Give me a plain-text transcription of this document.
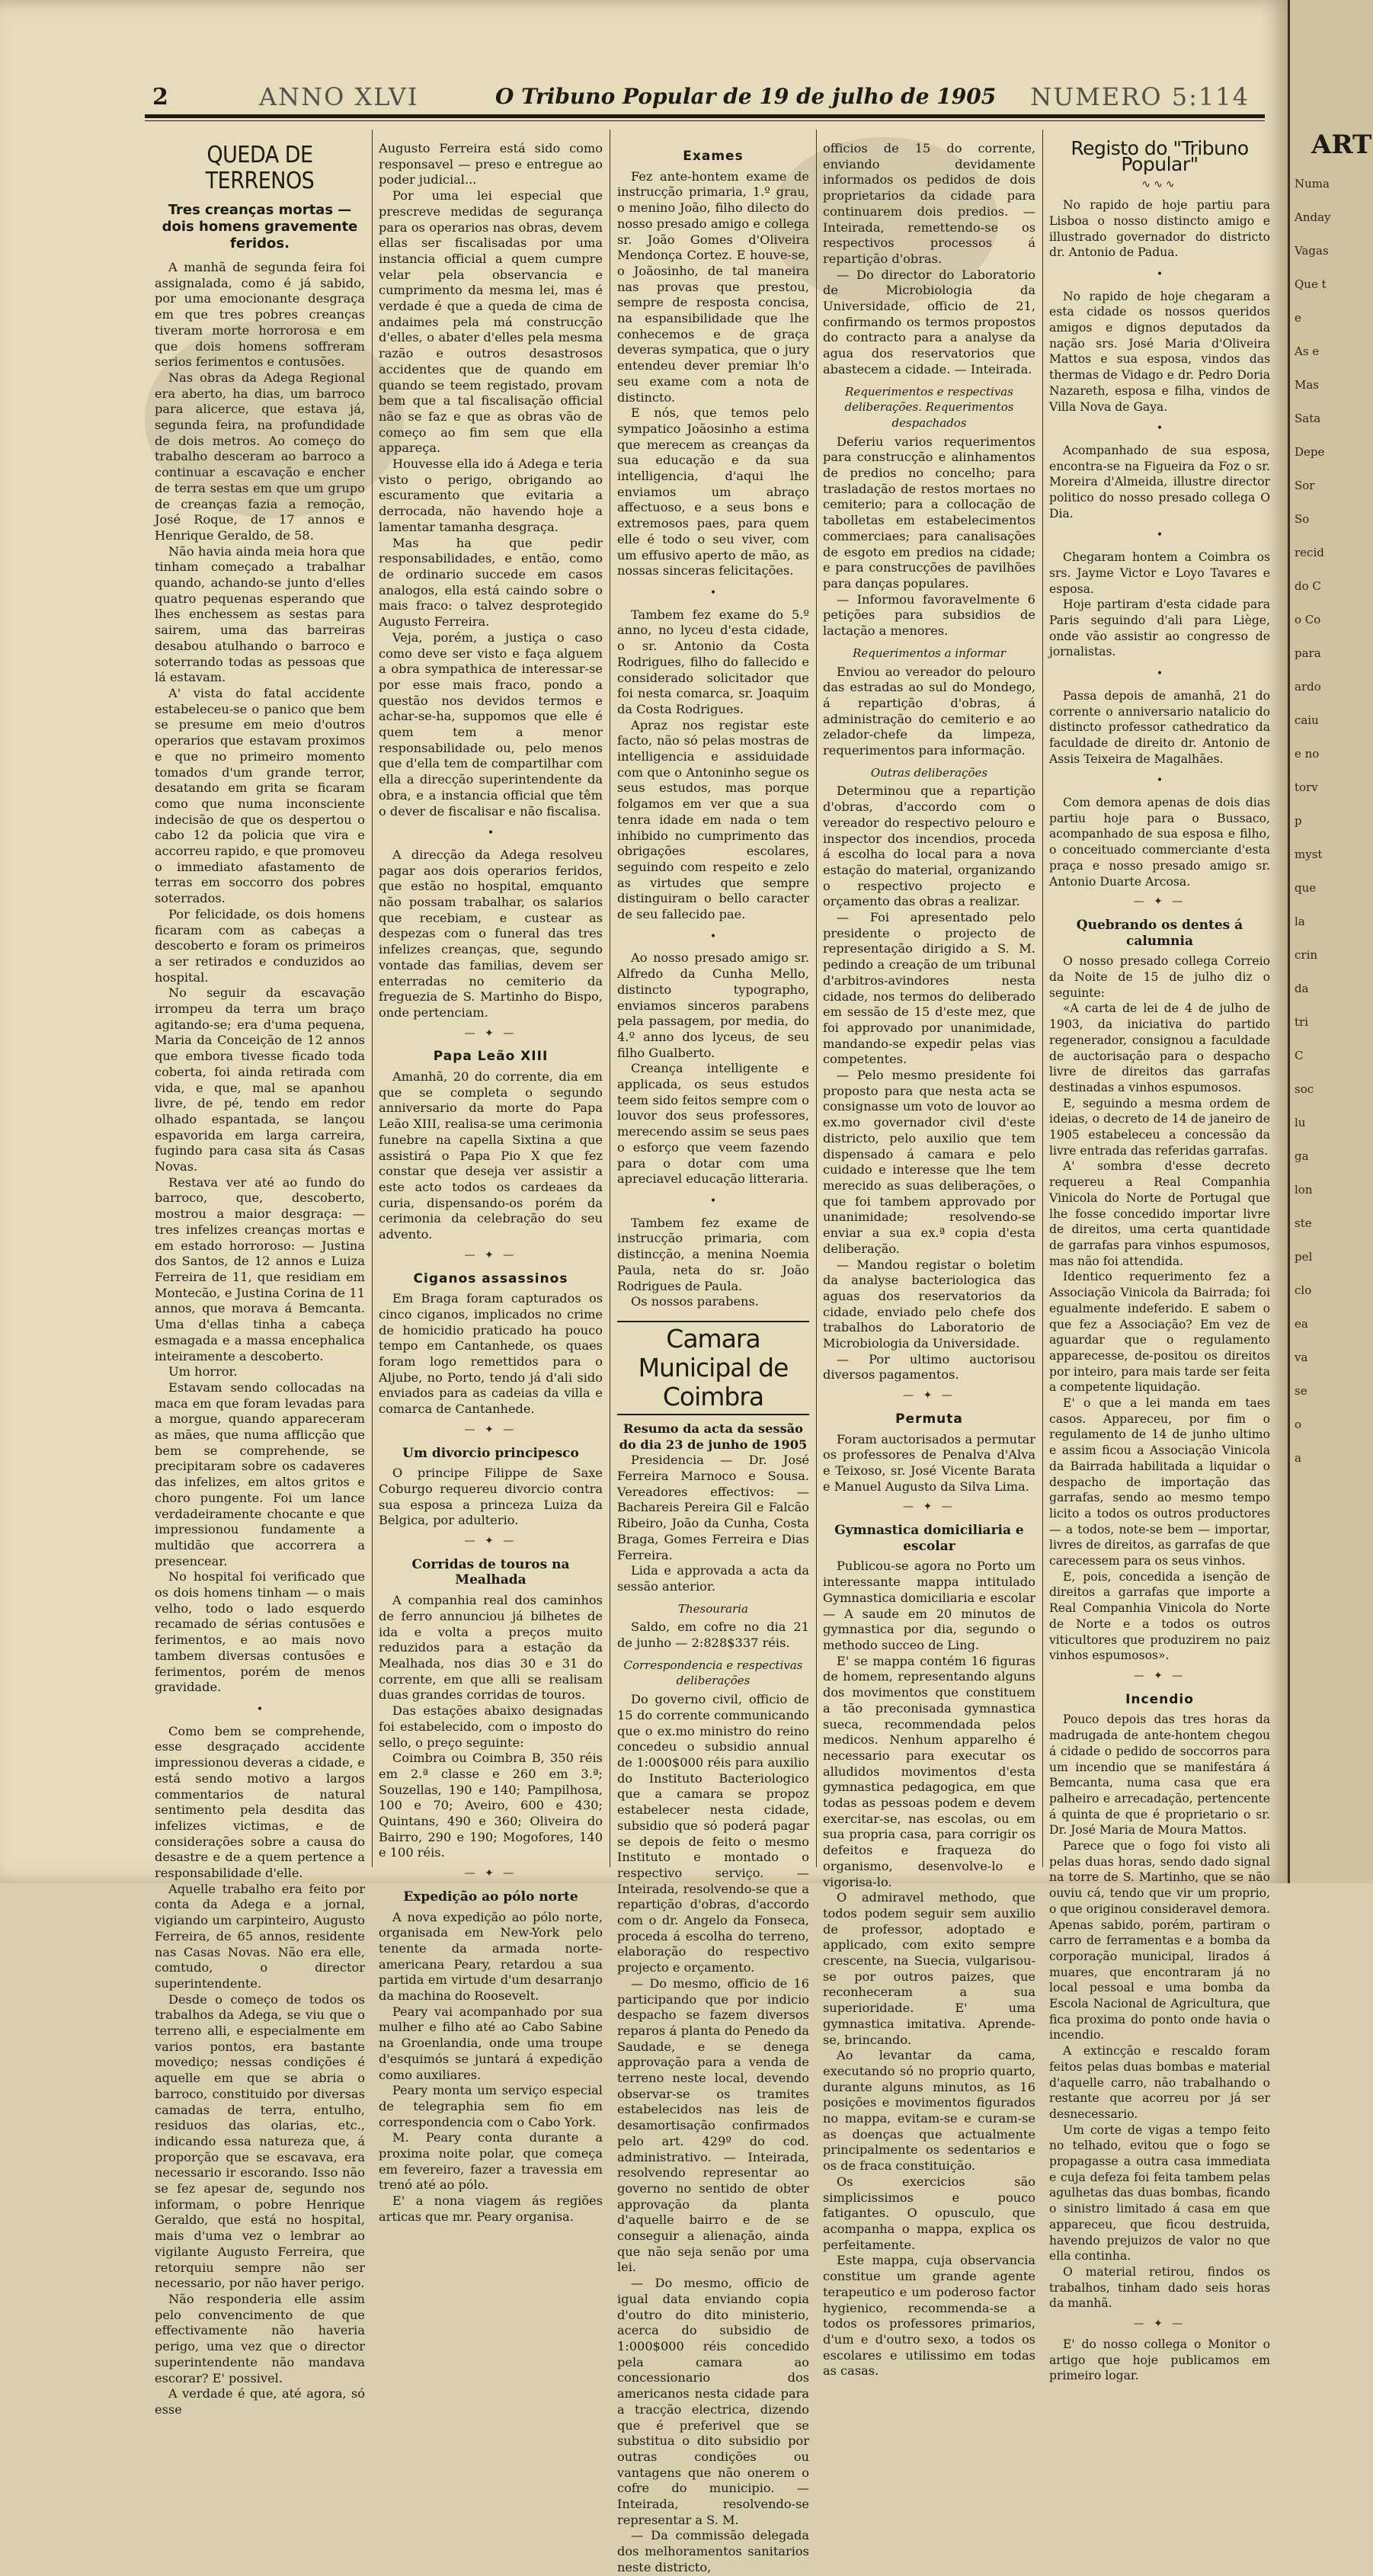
2	ANNO XLVI	O Tribuno Popular de 19 de julho de 1905 NUMERO 5:114
QUEDA DE TERRENOS
Tres creanças mortas — dois homens gravemente feridos.

A manhã de segunda feira foi assignalada, como é já sabido, por uma emocionante desgraça em que tres pobres creanças tiveram morte horrorosa e em que dois homens soffreram serios ferimentos e contusões.

Nas obras da Adega Regional era aberto, ha dias, um barroco para alicerce, que estava já, segunda feira, na profundidade de dois metros. Ao começo do trabalho desceram ao barroco a continuar a escavação e encher de terra sestas em que um grupo de creanças fazia a remoção, José Roque, de 17 annos e Henrique Geraldo, de 58.

Não havia ainda meia hora que tinham começado a trabalhar quando, achando-se junto d'elles quatro pequenas esperando que lhes enchessem as sestas para sairem, uma das barreiras desabou atulhando o barroco e soterrando todas as pessoas que lá estavam.

A' vista do fatal accidente estabeleceu-se o panico que bem se presume em meio d'outros operarios que estavam proximos e que no primeiro momento tomados d'um grande terror, desatando em grita se ficaram como que numa inconsciente indecisão de que os despertou o cabo 12 da policia que vira e accorreu rapido, e que promoveu o immediato afastamento de terras em soccorro dos pobres soterrados.

Por felicidade, os dois homens ficaram com as cabeças a descoberto e foram os primeiros a ser retirados e conduzidos ao hospital.

No seguir da escavação irrompeu da terra um braço agitando-se; era d'uma pequena, Maria da Conceição de 12 annos que embora tivesse ficado toda coberta, foi ainda retirada com vida, e que, mal se apanhou livre, de pé, tendo em redor olhado espantada, se lançou espavorida em larga carreira, fugindo para casa sita ás Casas Novas.

Restava ver até ao fundo do barroco, que, descoberto, mostrou a maior desgraça: — tres infelizes creanças mortas e em estado horroroso: — Justina dos Santos, de 12 annos e Luiza Ferreira de 11, que residiam em Montecão, e Justina Corina de 11 annos, que morava á Bemcanta. Uma d'ellas tinha a cabeça esmagada e a massa encephalica inteiramente a descoberto.

Um horror.

Estavam sendo collocadas na maca em que foram levadas para a morgue, quando appareceram as mães, que numa afflicção que bem se comprehende, se precipitaram sobre os cadaveres das infelizes, em altos gritos e choro pungente. Foi um lance verdadeiramente chocante e que impressionou fundamente a multidão que accorrera a presencear.

No hospital foi verificado que os dois homens tinham — o mais velho, todo o lado esquerdo recamado de sérias contusões e ferimentos, e ao mais novo tambem diversas contusões e ferimentos, porém de menos gravidade.

•

Como bem se comprehende, esse desgraçado accidente impressionou deveras a cidade, e está sendo motivo a largos commentarios de natural sentimento pela desdita das infelizes victimas, e de considerações sobre a causa do desastre e de a quem pertence a responsabilidade d'elle.

Aquelle trabalho era feito por conta da Adega e a jornal, vigiando um carpinteiro, Augusto Ferreira, de 65 annos, residente nas Casas Novas. Não era elle, comtudo, o director superintendente.

Desde o começo de todos os trabalhos da Adega, se viu que o terreno alli, e especialmente em varios pontos, era bastante movediço; nessas condições é aquelle em que se abria o barroco, constituido por diversas camadas de terra, entulho, residuos das olarias, etc., indicando essa natureza que, á proporção que se escavava, era necessario ir escorando. Isso não se fez apesar de, segundo nos informam, o pobre Henrique Geraldo, que está no hospital, mais d'uma vez o lembrar ao vigilante Augusto Ferreira, que retorquiu sempre não ser necessario, por não haver perigo.

Não responderia elle assim pelo convencimento de que effectivamente não haveria perigo, uma vez que o director superintendente não mandava escorar? E' possivel.

A verdade é que, até agora, só esse

Augusto Ferreira está sido como responsavel — preso e entregue ao poder judicial...

Por uma lei especial que prescreve medidas de segurança para os operarios nas obras, devem ellas ser fiscalisadas por uma instancia official a quem cumpre velar pela observancia e cumprimento da mesma lei, mas é verdade é que a queda de cima de andaimes pela má construcção d'elles, o abater d'elles pela mesma razão e outros desastrosos accidentes que de quando em quando se teem registado, provam bem que a tal fiscalisação official não se faz e que as obras vão de começo ao fim sem que ella appareça.

Houvesse ella ido á Adega e teria visto o perigo, obrigando ao escuramento que evitaria a derrocada, não havendo hoje a lamentar tamanha desgraça.

Mas ha que pedir responsabilidades, e então, como de ordinario succede em casos analogos, ella está caindo sobre o mais fraco: o talvez desprotegido Augusto Ferreira.

Veja, porém, a justiça o caso como deve ser visto e faça alguem a obra sympathica de interessar-se por esse mais fraco, pondo a questão nos devidos termos e achar-se-ha, suppomos que elle é quem tem a menor responsabilidade ou, pelo menos que d'ella tem de compartilhar com ella a direcção superintendente da obra, e a instancia official que têm o dever de fiscalisar e não fiscalisa.

•

A direcção da Adega resolveu pagar aos dois operarios feridos, que estão no hospital, emquanto não possam trabalhar, os salarios que recebiam, e custear as despezas com o funeral das tres infelizes creanças, que, segundo vontade das familias, devem ser enterradas no cemiterio da freguezia de S. Martinho do Bispo, onde pertenciam.

— ✦ —
Papa Leão XIII

Amanhã, 20 do corrente, dia em que se completa o segundo anniversario da morte do Papa Leão XIII, realisa-se uma cerimonia funebre na capella Sixtina a que assistirá o Papa Pio X que fez constar que deseja ver assistir a este acto todos os cardeaes da curia, dispensando-os porém da cerimonia da celebração do seu advento.

— ✦ —
Ciganos assassinos

Em Braga foram capturados os cinco ciganos, implicados no crime de homicidio praticado ha pouco tempo em Cantanhede, os quaes foram logo remettidos para o Aljube, no Porto, tendo já d'ali sido enviados para as cadeias da villa e comarca de Cantanhede.

— ✦ —
Um divorcio principesco

O principe Filippe de Saxe Coburgo requereu divorcio contra sua esposa a princeza Luiza da Belgica, por adulterio.

— ✦ —
Corridas de touros na Mealhada

A companhia real dos caminhos de ferro annunciou já bilhetes de ida e volta a preços muito reduzidos para a estação da Mealhada, nos dias 30 e 31 do corrente, em que alli se realisam duas grandes corridas de touros.

Das estações abaixo designadas foi estabelecido, com o imposto do sello, o preço seguinte:

Coimbra ou Coimbra B, 350 réis em 2.ª classe e 260 em 3.ª; Souzellas, 190 e 140; Pampilhosa, 100 e 70; Aveiro, 600 e 430; Quintans, 490 e 360; Oliveira do Bairro, 290 e 190; Mogofores, 140 e 100 réis.

— ✦ —
Expedição ao pólo norte

A nova expedição ao pólo norte, organisada em New-York pelo tenente da armada norte-americana Peary, retardou a sua partida em virtude d'um desarranjo da machina do Roosevelt.

Peary vai acompanhado por sua mulher e filho até ao Cabo Sabine na Groenlandia, onde uma troupe d'esquimós se juntará á expedição como auxiliares.

Peary monta um serviço especial de telegraphia sem fio em correspondencia com o Cabo York.

M. Peary conta durante a proxima noite polar, que começa em fevereiro, fazer a travessia em trenó até ao pólo.

E' a nona viagem ás regiões articas que mr. Peary organisa.

Exames

Fez ante-hontem exame de instrucção primaria, 1.º grau, o menino João, filho dilecto do nosso presado amigo e collega sr. João Gomes d'Oliveira Mendonça Cortez. E houve-se, o Joãosinho, de tal maneira nas provas que prestou, sempre de resposta concisa, na espansibilidade que lhe conhecemos e de graça deveras sympatica, que o jury entendeu dever premiar lh'o seu exame com a nota de distincto.

E nós, que temos pelo sympatico Joãosinho a estima que merecem as creanças da sua educação e da sua intelligencia, d'aqui lhe enviamos um abraço affectuoso, e a seus bons e extremosos paes, para quem elle é todo o seu viver, com um effusivo aperto de mão, as nossas sinceras felicitações.

•

Tambem fez exame do 5.º anno, no lyceu d'esta cidade, o sr. Antonio da Costa Rodrigues, filho do fallecido e considerado solicitador que foi nesta comarca, sr. Joaquim da Costa Rodrigues.

Apraz nos registar este facto, não só pelas mostras de intelligencia e assiduidade com que o Antoninho segue os seus estudos, mas porque folgamos em ver que a sua tenra idade em nada o tem inhibido no cumprimento das obrigações escolares, seguindo com respeito e zelo as virtudes que sempre distinguiram o bello caracter de seu fallecido pae.

•

Ao nosso presado amigo sr. Alfredo da Cunha Mello, distincto typographo, enviamos sinceros parabens pela passagem, por media, do 4.º anno dos lyceus, de seu filho Gualberto.

Creança intelligente e applicada, os seus estudos teem sido feitos sempre com o louvor dos seus professores, merecendo assim se seus paes o esforço que veem fazendo para o dotar com uma apreciavel educação litteraria.

•

Tambem fez exame de instrucção primaria, com distincção, a menina Noemia Paula, neta do sr. João Rodrigues de Paula.

Os nossos parabens.

Camara Municipal de Coimbra

Resumo da acta da sessão do dia 23 de junho de 1905

Presidencia — Dr. José Ferreira Marnoco e Sousa. Vereadores effectivos: — Bachareis Pereira Gil e Falcão Ribeiro, João da Cunha, Costa Braga, Gomes Ferreira e Dias Ferreira.

Lida e approvada a acta da sessão anterior.

Thesouraria

Saldo, em cofre no dia 21 de junho — 2:828$337 réis.

Correspondencia e respectivas deliberações

Do governo civil, officio de 15 do corrente communicando que o ex.mo ministro do reino concedeu o subsidio annual de 1:000$000 réis para auxilio do Instituto Bacteriologico que a camara se propoz estabelecer nesta cidade, subsidio que só poderá pagar se depois de feito o mesmo Instituto e montado o respectivo serviço. — Inteirada, resolvendo-se que a repartição d'obras, d'accordo com o dr. Angelo da Fonseca, proceda á escolha do terreno, elaboração do respectivo projecto e orçamento.

— Do mesmo, officio de 16 participando que por indicio despacho se fazem diversos reparos á planta do Penedo da Saudade, e se denega approvação para a venda de terreno neste local, devendo observar-se os tramites estabelecidos nas leis de desamortisação confirmados pelo art. 429º do cod. administrativo. — Inteirada, resolvendo representar ao governo no sentido de obter approvação da planta d'aquelle bairro e de se conseguir a alienação, ainda que não seja senão por uma lei.

— Do mesmo, officio de igual data enviando copia d'outro do dito ministerio, acerca do subsidio de 1:000$000 réis concedido pela camara ao concessionario dos americanos nesta cidade para a tracção electrica, dizendo que é preferivel que se substitua o dito subsidio por outras condições ou vantagens que não onerem o cofre do municipio. — Inteirada, resolvendo-se representar a S. M.

— Da commissão delegada dos melhoramentos sanitarios neste districto,

officios de 15 do corrente, enviando devidamente informados os pedidos de dois proprietarios da cidade para continuarem dois predios. — Inteirada, remettendo-se os respectivos processos á repartição d'obras.

— Do director do Laboratorio de Microbiologia da Universidade, officio de 21, confirmando os termos propostos do contracto para a analyse da agua dos reservatorios que abastecem a cidade. — Inteirada.

Requerimentos e respectivas deliberações. Requerimentos despachados

Deferiu varios requerimentos para construcção e alinhamentos de predios no concelho; para trasladação de restos mortaes no cemiterio; para a collocação de tabolletas em estabelecimentos commerciaes; para canalisações de esgoto em predios na cidade; e para construcções de pavilhões para danças populares.

— Informou favoravelmente 6 petições para subsidios de lactação a menores.

Requerimentos a informar

Enviou ao vereador do pelouro das estradas ao sul do Mondego, á repartição d'obras, á administração do cemiterio e ao zelador-chefe da limpeza, requerimentos para informação.

Outras deliberações

Determinou que a repartição d'obras, d'accordo com o vereador do respectivo pelouro e inspector dos incendios, proceda á escolha do local para a nova estação do material, organizando o respectivo projecto e orçamento das obras a realizar.

— Foi apresentado pelo presidente o projecto de representação dirigido a S. M. pedindo a creação de um tribunal d'arbitros-avindores nesta cidade, nos termos do deliberado em sessão de 15 d'este mez, que foi approvado por unanimidade, mandando-se expedir pelas vias competentes.

— Pelo mesmo presidente foi proposto para que nesta acta se consignasse um voto de louvor ao ex.mo governador civil d'este districto, pelo auxilio que tem dispensado á camara e pelo cuidado e interesse que lhe tem merecido as suas deliberações, o que foi tambem approvado por unanimidade; resolvendo-se enviar a sua ex.ª copia d'esta deliberação.

— Mandou registar o boletim da analyse bacteriologica das aguas dos reservatorios da cidade, enviado pelo chefe dos trabalhos do Laboratorio de Microbiologia da Universidade.

— Por ultimo auctorisou diversos pagamentos.

— ✦ —
Permuta

Foram auctorisados a permutar os professores de Penalva d'Alva e Teixoso, sr. José Vicente Barata e Manuel Augusto da Silva Lima.

— ✦ —
Gymnastica domiciliaria e escolar

Publicou-se agora no Porto um interessante mappa intitulado Gymnastica domiciliaria e escolar — A saude em 20 minutos de gymnastica por dia, segundo o methodo succeo de Ling.

E' se mappa contém 16 figuras de homem, representando alguns dos movimentos que constituem a tão preconisada gymnastica sueca, recommendada pelos medicos. Nenhum apparelho é necessario para executar os alludidos movimentos d'esta gymnastica pedagogica, em que todas as pessoas podem e devem exercitar-se, nas escolas, ou em sua propria casa, para corrigir os defeitos e fraqueza do organismo, desenvolve-lo e vigorisa-lo.

O admiravel methodo, que todos podem seguir sem auxilio de professor, adoptado e applicado, com exito sempre crescente, na Suecia, vulgarisou-se por outros paizes, que reconheceram a sua superioridade. E' uma gymnastica imitativa. Aprende-se, brincando.

Ao levantar da cama, executando só no proprio quarto, durante alguns minutos, as 16 posições e movimentos figurados no mappa, evitam-se e curam-se as doenças que actualmente principalmente os sedentarios e os de fraca constituição.

Os exercicios são simplicissimos e pouco fatigantes. O opusculo, que acompanha o mappa, explica os perfeitamente.

Este mappa, cuja observancia constitue um grande agente terapeutico e um poderoso factor hygienico, recommenda-se a todos os professores primarios, d'um e d'outro sexo, a todos os escolares e utilissimo em todas as casas.

Registo do "Tribuno Popular"
∿∿∿

No rapido de hoje partiu para Lisboa o nosso distincto amigo e illustrado governador do districto dr. Antonio de Padua.

•

No rapido de hoje chegaram a esta cidade os nossos queridos amigos e dignos deputados da nação srs. José Maria d'Oliveira Mattos e sua esposa, vindos das thermas de Vidago e dr. Pedro Doria Nazareth, esposa e filha, vindos de Villa Nova de Gaya.

•

Acompanhado de sua esposa, encontra-se na Figueira da Foz o sr. Moreira d'Almeida, illustre director politico do nosso presado collega O Dia.

•

Chegaram hontem a Coimbra os srs. Jayme Victor e Loyo Tavares e esposa.

Hoje partiram d'esta cidade para Paris seguindo d'ali para Liège, onde vão assistir ao congresso de jornalistas.

•

Passa depois de amanhã, 21 do corrente o anniversario natalicio do distincto professor cathedratico da faculdade de direito dr. Antonio de Assis Teixeira de Magalhães.

•

Com demora apenas de dois dias partiu hoje para o Bussaco, acompanhado de sua esposa e filho, o conceituado commerciante d'esta praça e nosso presado amigo sr. Antonio Duarte Arcosa.

— ✦ —
Quebrando os dentes á calumnia

O nosso presado collega Correio da Noite de 15 de julho diz o seguinte:

«A carta de lei de 4 de julho de 1903, da iniciativa do partido regenerador, consignou a faculdade de auctorisação para o despacho livre de direitos das garrafas destinadas a vinhos espumosos.

E, seguindo a mesma ordem de ideias, o decreto de 14 de janeiro de 1905 estabeleceu a concessão da livre entrada das referidas garrafas.

A' sombra d'esse decreto requereu a Real Companhia Vinicola do Norte de Portugal que lhe fosse concedido importar livre de direitos, uma certa quantidade de garrafas para vinhos espumosos, mas não foi attendida.

Identico requerimento fez a Associação Vinicola da Bairrada; foi egualmente indeferido. E sabem o que fez a Associação? Em vez de aguardar que o regulamento apparecesse, de-positou os direitos por inteiro, para mais tarde ser feita a competente liquidação.

E' o que a lei manda em taes casos. Appareceu, por fim o regulamento de 14 de junho ultimo e assim ficou a Associação Vinicola da Bairrada habilitada a liquidar o despacho de importação das garrafas, sendo ao mesmo tempo licito a todos os outros productores — a todos, note-se bem — importar, livres de direitos, as garrafas de que carecessem para os seus vinhos.

E, pois, concedida a isenção de direitos a garrafas que importe a Real Companhia Vinicola do Norte de Norte e a todos os outros viticultores que produzirem no paiz vinhos espumosos».

— ✦ —
Incendio

Pouco depois das tres horas da madrugada de ante-hontem chegou á cidade o pedido de soccorros para um incendio que se manifestára á Bemcanta, numa casa que era palheiro e arrecadação, pertencente á quinta de que é proprietario o sr. Dr. José Maria de Moura Mattos.

Parece que o fogo foi visto ali pelas duas horas, sendo dado signal na torre de S. Martinho, que se não ouviu cá, tendo que vir um proprio, o que originou consideravel demora. Apenas sabido, porém, partiram o carro de ferramentas e a bomba da corporação municipal, lirados á muares, que encontraram já no local pessoal e uma bomba da Escola Nacional de Agricultura, que fica proxima do ponto onde havia o incendio.

A extincção e rescaldo foram feitos pelas duas bombas e material d'aquelle carro, não trabalhando o restante que acorreu por já ser desnecessario.

Um corte de vigas a tempo feito no telhado, evitou que o fogo se propagasse a outra casa immediata e cuja defeza foi feita tambem pelas agulhetas das duas bombas, ficando o sinistro limitado á casa em que appareceu, que ficou destruida, havendo prejuizos de valor no que ella continha.

O material retirou, findos os trabalhos, tinham dado seis horas da manhã.

— ✦ —

E' do nosso collega o Monitor o artigo que hoje publicamos em primeiro logar.

ART
Numa
Anday
Vagas
Que t
e
As e
Mas
Sata
Depe
Sor
So
recid
do C
o Co
para
ardo
caiu
e no
torv
p
myst
que
la
crin
da
tri
C
soc
lu
ga
lon
ste
pel
clo
ea
va
se
o
a
